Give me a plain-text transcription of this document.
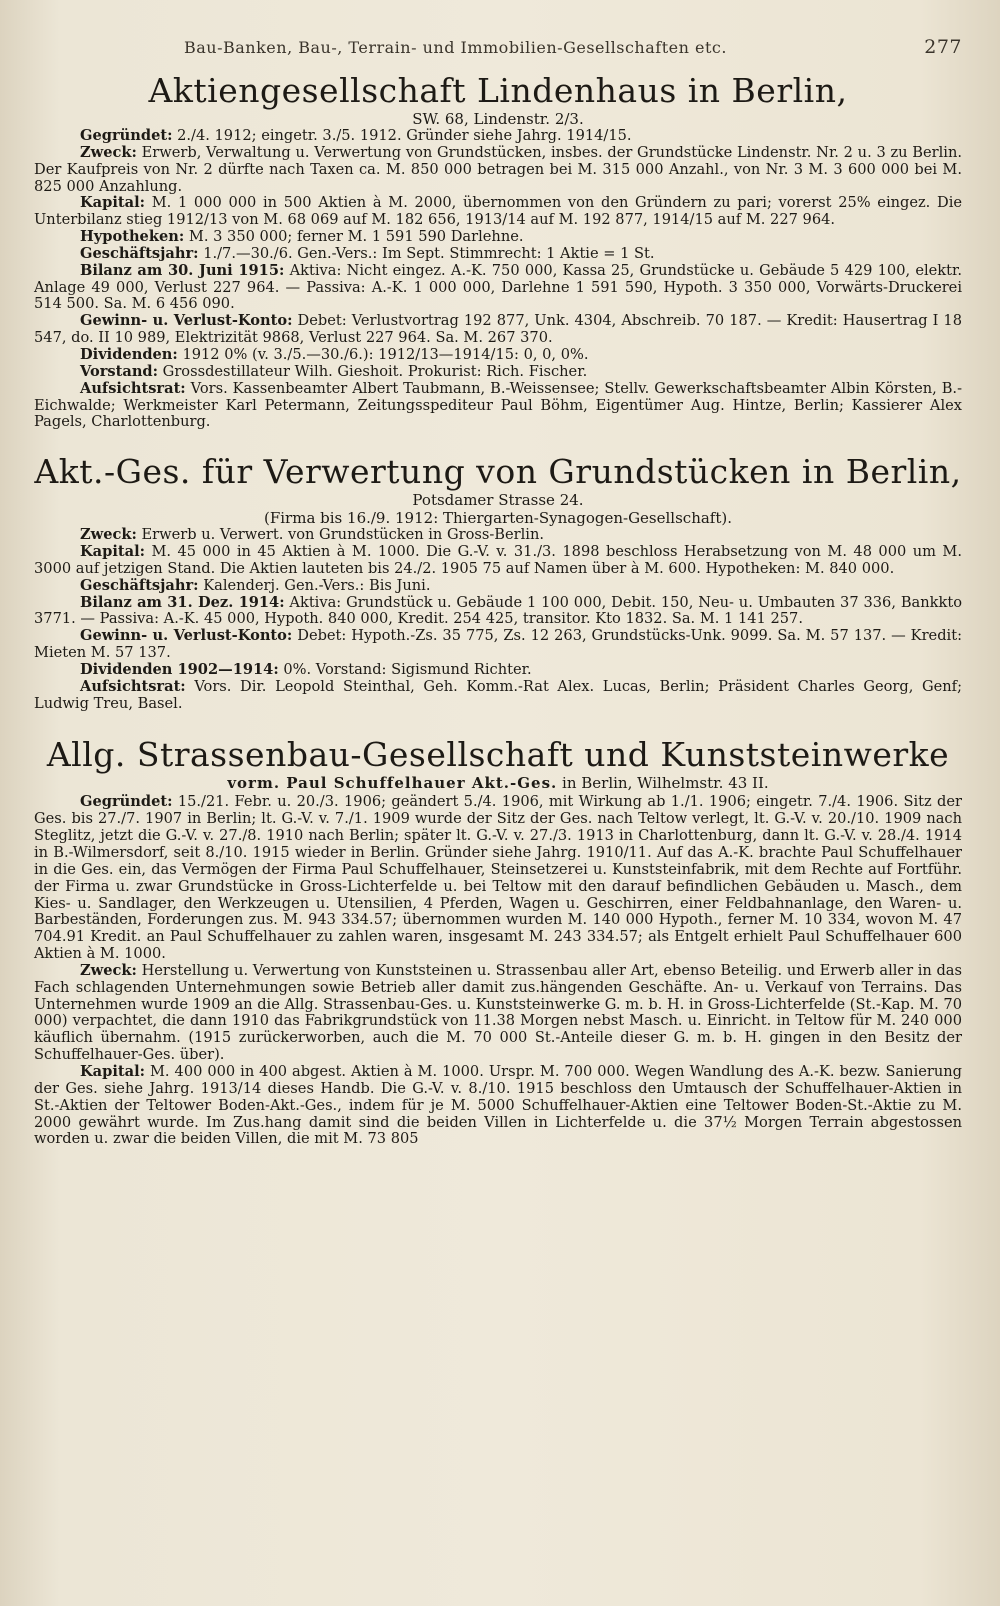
Bau-Banken, Bau-, Terrain- und Immobilien-Gesellschaften etc.	277
Aktiengesellschaft Lindenhaus in Berlin,

SW. 68, Lindenstr. 2/3.

Gegründet: 2./4. 1912; eingetr. 3./5. 1912. Gründer siehe Jahrg. 1914/15.

Zweck: Erwerb, Verwaltung u. Verwertung von Grundstücken, insbes. der Grundstücke Lindenstr. Nr. 2 u. 3 zu Berlin. Der Kaufpreis von Nr. 2 dürfte nach Taxen ca. M. 850 000 betragen bei M. 315 000 Anzahl., von Nr. 3 M. 3 600 000 bei M. 825 000 Anzahlung.

Kapital: M. 1 000 000 in 500 Aktien à M. 2000, übernommen von den Gründern zu pari; vorerst 25% eingez. Die Unterbilanz stieg 1912/13 von M. 68 069 auf M. 182 656, 1913/14 auf M. 192 877, 1914/15 auf M. 227 964.

Hypotheken: M. 3 350 000; ferner M. 1 591 590 Darlehne.

Geschäftsjahr: 1./7.—30./6. Gen.-Vers.: Im Sept. Stimmrecht: 1 Aktie = 1 St.

Bilanz am 30. Juni 1915: Aktiva: Nicht eingez. A.-K. 750 000, Kassa 25, Grundstücke u. Gebäude 5 429 100, elektr. Anlage 49 000, Verlust 227 964. — Passiva: A.-K. 1 000 000, Darlehne 1 591 590, Hypoth. 3 350 000, Vorwärts-Druckerei 514 500. Sa. M. 6 456 090.

Gewinn- u. Verlust-Konto: Debet: Verlustvortrag 192 877, Unk. 4304, Abschreib. 70 187. — Kredit: Hausertrag I 18 547, do. II 10 989, Elektrizität 9868, Verlust 227 964. Sa. M. 267 370.

Dividenden: 1912 0% (v. 3./5.—30./6.): 1912/13—1914/15: 0, 0, 0%.

Vorstand: Grossdestillateur Wilh. Gieshoit. Prokurist: Rich. Fischer.

Aufsichtsrat: Vors. Kassenbeamter Albert Taubmann, B.-Weissensee; Stellv. Gewerkschaftsbeamter Albin Körsten, B.-Eichwalde; Werkmeister Karl Petermann, Zeitungsspediteur Paul Böhm, Eigentümer Aug. Hintze, Berlin; Kassierer Alex Pagels, Charlottenburg.

Akt.-Ges. für Verwertung von Grundstücken in Berlin,

Potsdamer Strasse 24.

(Firma bis 16./9. 1912: Thiergarten-Synagogen-Gesellschaft).

Zweck: Erwerb u. Verwert. von Grundstücken in Gross-Berlin.

Kapital: M. 45 000 in 45 Aktien à M. 1000. Die G.-V. v. 31./3. 1898 beschloss Herabsetzung von M. 48 000 um M. 3000 auf jetzigen Stand. Die Aktien lauteten bis 24./2. 1905 75 auf Namen über à M. 600. Hypotheken: M. 840 000.

Geschäftsjahr: Kalenderj. Gen.-Vers.: Bis Juni.

Bilanz am 31. Dez. 1914: Aktiva: Grundstück u. Gebäude 1 100 000, Debit. 150, Neu- u. Umbauten 37 336, Bankkto 3771. — Passiva: A.-K. 45 000, Hypoth. 840 000, Kredit. 254 425, transitor. Kto 1832. Sa. M. 1 141 257.

Gewinn- u. Verlust-Konto: Debet: Hypoth.-Zs. 35 775, Zs. 12 263, Grundstücks-Unk. 9099. Sa. M. 57 137. — Kredit: Mieten M. 57 137.

Dividenden 1902—1914: 0%. Vorstand: Sigismund Richter.

Aufsichtsrat: Vors. Dir. Leopold Steinthal, Geh. Komm.-Rat Alex. Lucas, Berlin; Präsident Charles Georg, Genf; Ludwig Treu, Basel.

Allg. Strassenbau-Gesellschaft und Kunststeinwerke

vorm. Paul Schuffelhauer Akt.-Ges. in Berlin, Wilhelmstr. 43 II.

Gegründet: 15./21. Febr. u. 20./3. 1906; geändert 5./4. 1906, mit Wirkung ab 1./1. 1906; eingetr. 7./4. 1906. Sitz der Ges. bis 27./7. 1907 in Berlin; lt. G.-V. v. 7./1. 1909 wurde der Sitz der Ges. nach Teltow verlegt, lt. G.-V. v. 20./10. 1909 nach Steglitz, jetzt die G.-V. v. 27./8. 1910 nach Berlin; später lt. G.-V. v. 27./3. 1913 in Charlottenburg, dann lt. G.-V. v. 28./4. 1914 in B.-Wilmersdorf, seit 8./10. 1915 wieder in Berlin. Gründer siehe Jahrg. 1910/11. Auf das A.-K. brachte Paul Schuffelhauer in die Ges. ein, das Vermögen der Firma Paul Schuffelhauer, Steinsetzerei u. Kunststeinfabrik, mit dem Rechte auf Fortführ. der Firma u. zwar Grundstücke in Gross-Lichterfelde u. bei Teltow mit den darauf befindlichen Gebäuden u. Masch., dem Kies- u. Sandlager, den Werkzeugen u. Utensilien, 4 Pferden, Wagen u. Geschirren, einer Feldbahnanlage, den Waren- u. Barbeständen, Forderungen zus. M. 943 334.57; übernommen wurden M. 140 000 Hypoth., ferner M. 10 334, wovon M. 47 704.91 Kredit. an Paul Schuffelhauer zu zahlen waren, insgesamt M. 243 334.57; als Entgelt erhielt Paul Schuffelhauer 600 Aktien à M. 1000.

Zweck: Herstellung u. Verwertung von Kunststeinen u. Strassenbau aller Art, ebenso Beteilig. und Erwerb aller in das Fach schlagenden Unternehmungen sowie Betrieb aller damit zus.hängenden Geschäfte. An- u. Verkauf von Terrains. Das Unternehmen wurde 1909 an die Allg. Strassenbau-Ges. u. Kunststeinwerke G. m. b. H. in Gross-Lichterfelde (St.-Kap. M. 70 000) verpachtet, die dann 1910 das Fabrikgrundstück von 11.38 Morgen nebst Masch. u. Einricht. in Teltow für M. 240 000 käuflich übernahm. (1915 zurückerworben, auch die M. 70 000 St.-Anteile dieser G. m. b. H. gingen in den Besitz der Schuffelhauer-Ges. über).

Kapital: M. 400 000 in 400 abgest. Aktien à M. 1000. Urspr. M. 700 000. Wegen Wandlung des A.-K. bezw. Sanierung der Ges. siehe Jahrg. 1913/14 dieses Handb. Die G.-V. v. 8./10. 1915 beschloss den Umtausch der Schuffelhauer-Aktien in St.-Aktien der Teltower Boden-Akt.-Ges., indem für je M. 5000 Schuffelhauer-Aktien eine Teltower Boden-St.-Aktie zu M. 2000 gewährt wurde. Im Zus.hang damit sind die beiden Villen in Lichterfelde u. die 37½ Morgen Terrain abgestossen worden u. zwar die beiden Villen, die mit M. 73 805
